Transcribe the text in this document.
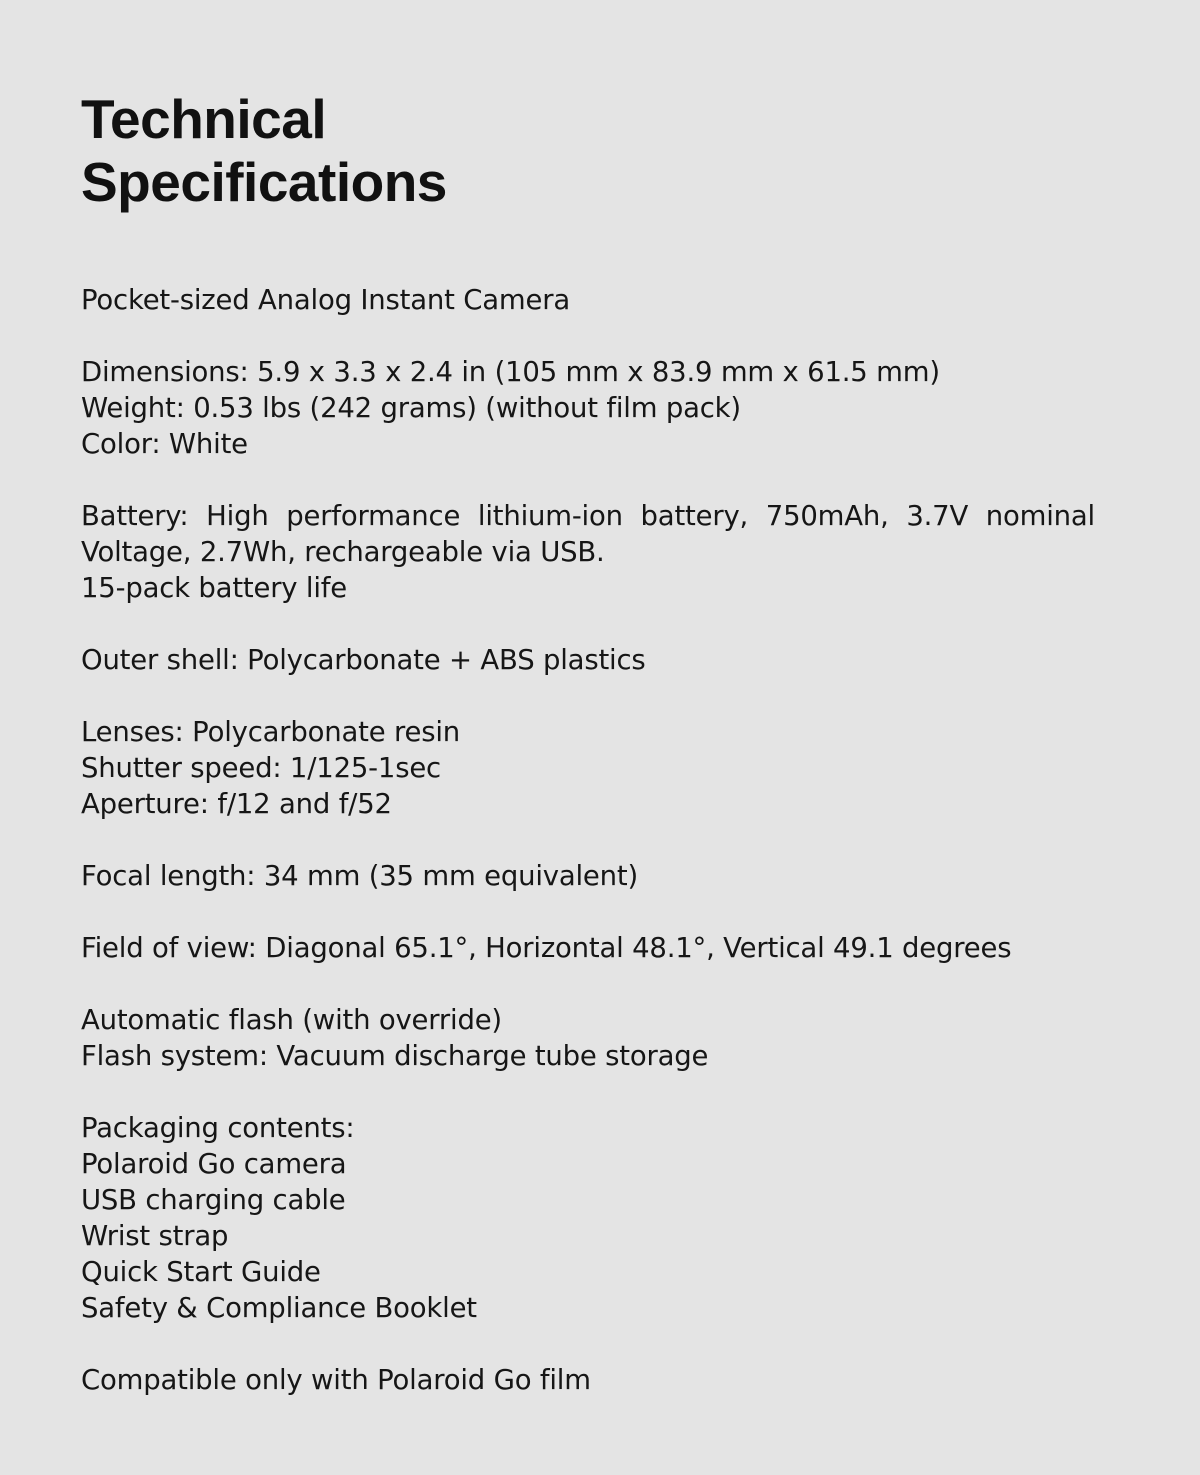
Technical
Specifications
Pocket-sized Analog Instant Camera
Dimensions: 5.9 x 3.3 x 2.4 in (105 mm x 83.9 mm x 61.5 mm)
Weight: 0.53 lbs (242 grams) (without film pack)
Color: White
Battery: High performance lithium-ion battery, 750mAh, 3.7V nominal Voltage, 2.7Wh, rechargeable via USB.
15-pack battery life
Outer shell: Polycarbonate + ABS plastics
Lenses: Polycarbonate resin
Shutter speed: 1/125-1sec
Aperture: f/12 and f/52
Focal length: 34 mm (35 mm equivalent)
Field of view: Diagonal 65.1°, Horizontal 48.1°, Vertical 49.1 degrees
Automatic flash (with override)
Flash system: Vacuum discharge tube storage
Packaging contents:
Polaroid Go camera
USB charging cable
Wrist strap
Quick Start Guide
Safety & Compliance Booklet
Compatible only with Polaroid Go film
